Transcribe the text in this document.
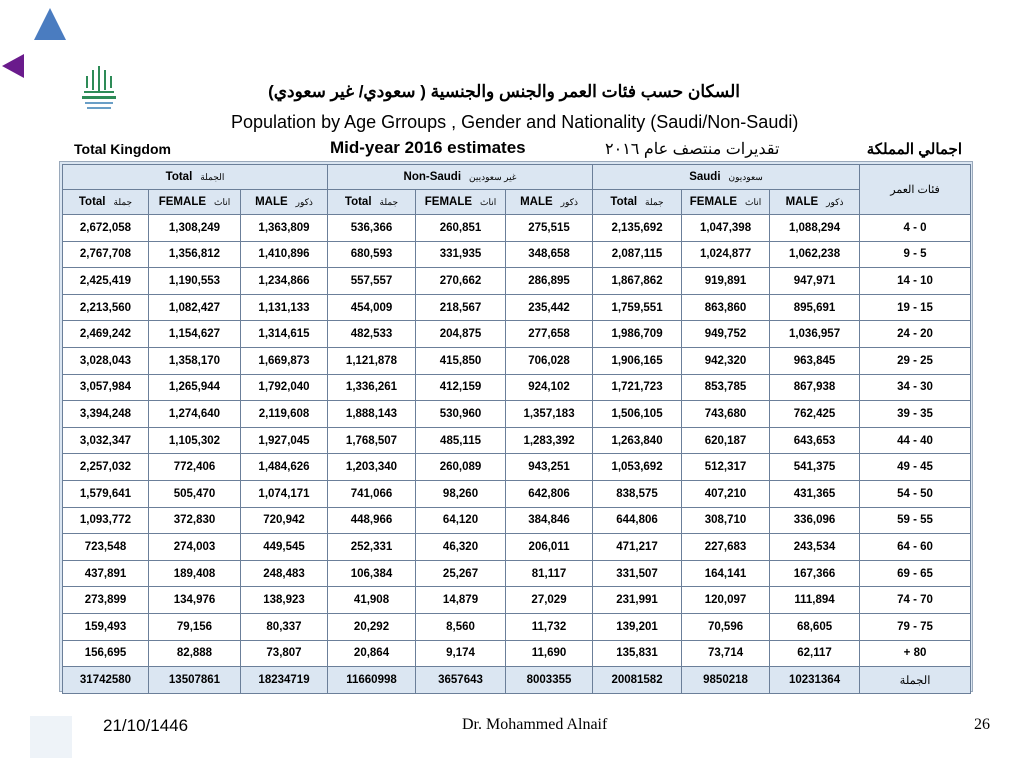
السكان حسب فئات العمر والجنس والجنسية ( سعودي/ غير سعودي)
Population by Age Grroups , Gender and Nationality (Saudi/Non-Saudi)
Total Kingdom	Mid-year 2016 estimates	تقديرات منتصف عام ٢٠١٦	اجمالي المملكة
Total الجملة			Non-Saudi غير سعوديين			Saudi سعوديون			فئات العمر
Total جملة	FEMALE اناث	MALE ذكور	Total جملة	FEMALE اناث	MALE ذكور	Total جملة	FEMALE اناث	MALE ذكور	
2,672,058	1,308,249	1,363,809	536,366	260,851	275,515	2,135,692	1,047,398	1,088,294	4 - 0
2,767,708	1,356,812	1,410,896	680,593	331,935	348,658	2,087,115	1,024,877	1,062,238	9 - 5
2,425,419	1,190,553	1,234,866	557,557	270,662	286,895	1,867,862	919,891	947,971	14 - 10
2,213,560	1,082,427	1,131,133	454,009	218,567	235,442	1,759,551	863,860	895,691	19 - 15
2,469,242	1,154,627	1,314,615	482,533	204,875	277,658	1,986,709	949,752	1,036,957	24 - 20
3,028,043	1,358,170	1,669,873	1,121,878	415,850	706,028	1,906,165	942,320	963,845	29 - 25
3,057,984	1,265,944	1,792,040	1,336,261	412,159	924,102	1,721,723	853,785	867,938	34 - 30
3,394,248	1,274,640	2,119,608	1,888,143	530,960	1,357,183	1,506,105	743,680	762,425	39 - 35
3,032,347	1,105,302	1,927,045	1,768,507	485,115	1,283,392	1,263,840	620,187	643,653	44 - 40
2,257,032	772,406	1,484,626	1,203,340	260,089	943,251	1,053,692	512,317	541,375	49 - 45
1,579,641	505,470	1,074,171	741,066	98,260	642,806	838,575	407,210	431,365	54 - 50
1,093,772	372,830	720,942	448,966	64,120	384,846	644,806	308,710	336,096	59 - 55
723,548	274,003	449,545	252,331	46,320	206,011	471,217	227,683	243,534	64 - 60
437,891	189,408	248,483	106,384	25,267	81,117	331,507	164,141	167,366	69 - 65
273,899	134,976	138,923	41,908	14,879	27,029	231,991	120,097	111,894	74 - 70
159,493	79,156	80,337	20,292	8,560	11,732	139,201	70,596	68,605	79 - 75
156,695	82,888	73,807	20,864	9,174	11,690	135,831	73,714	62,117	+ 80
31742580	13507861	18234719	11660998	3657643	8003355	20081582	9850218	10231364	الجملة
21/10/1446	Dr. Mohammed Alnaif	26
